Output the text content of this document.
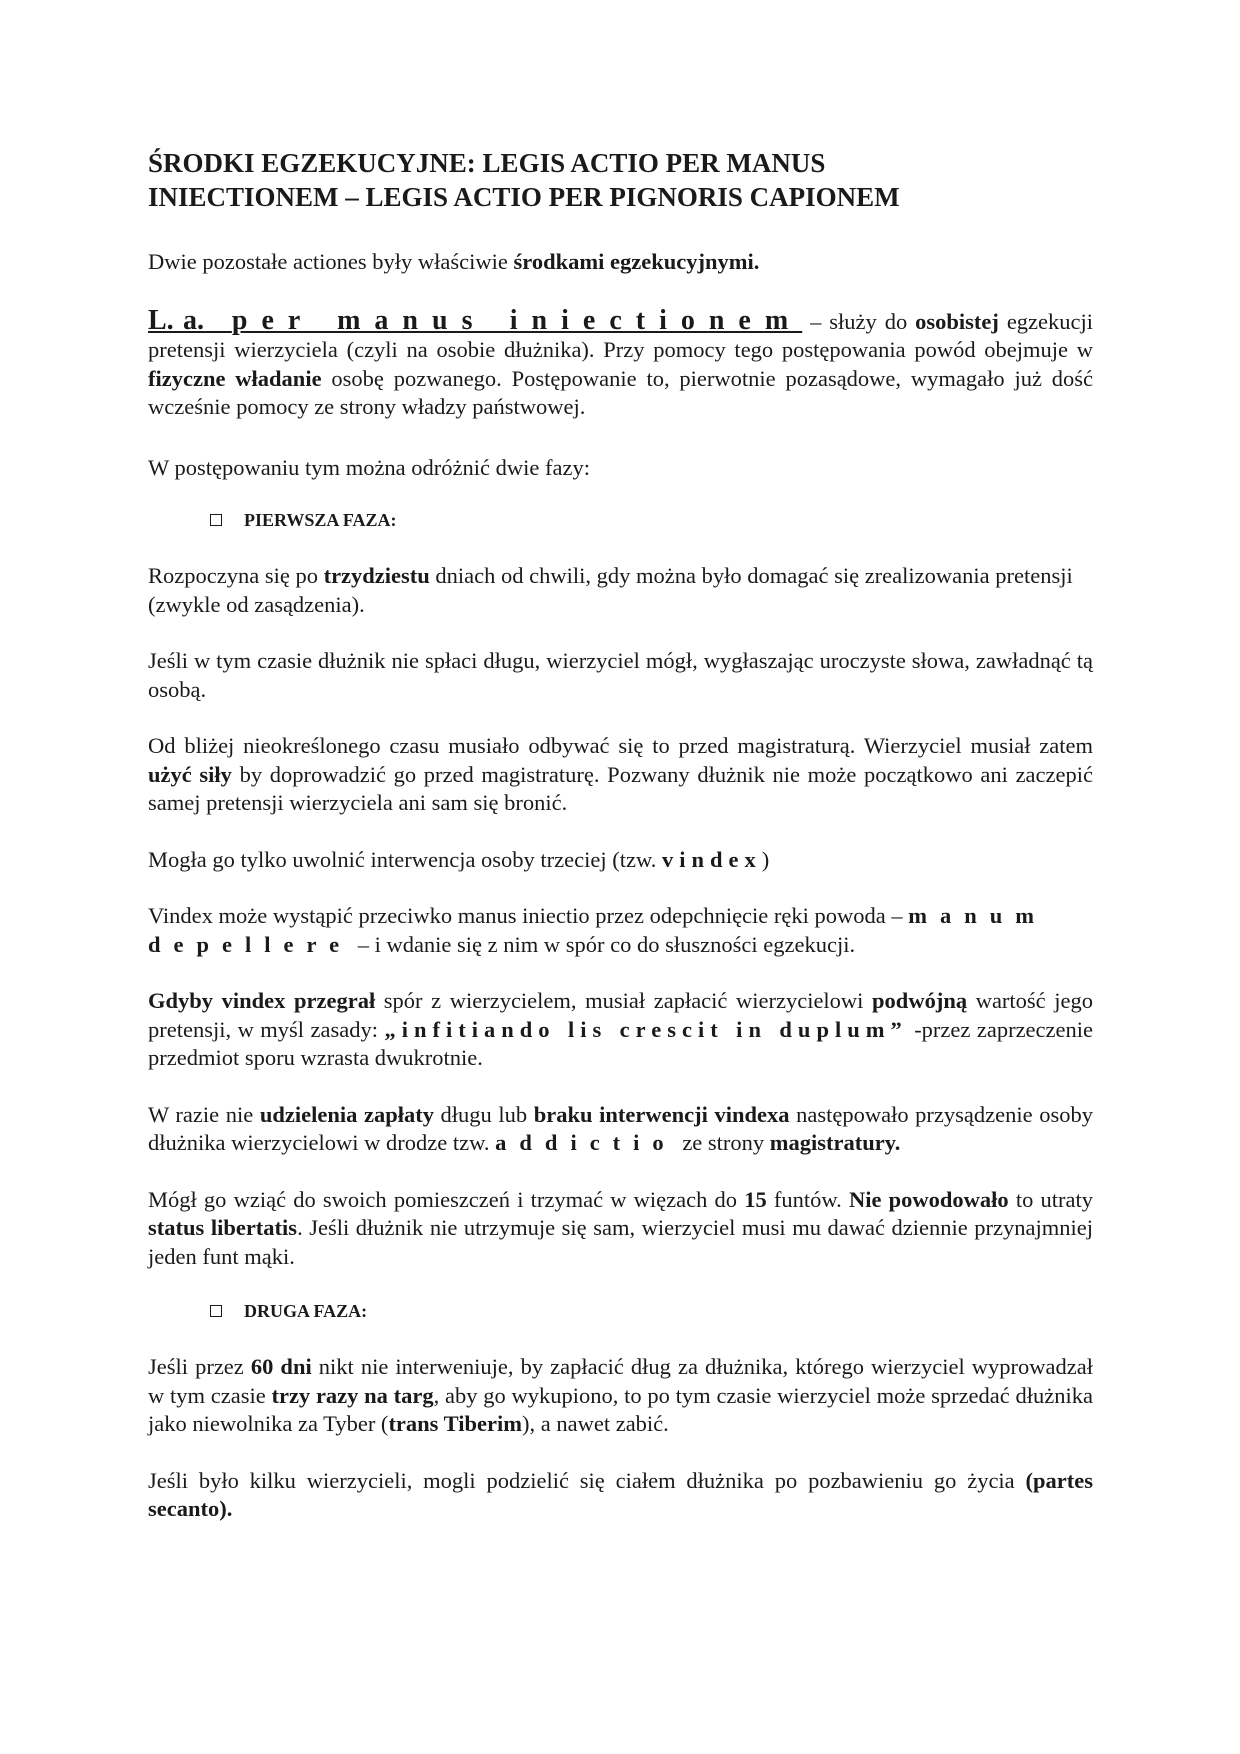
ŚRODKI EGZEKUCYJNE: LEGIS ACTIO PER MANUS
INIECTIONEM – LEGIS ACTIO PER PIGNORIS CAPIONEM

Dwie pozostałe actiones były właściwie środkami egzekucyjnymi.

L. a. per manus iniectionem – służy do osobistej egzekucji pretensji wierzyciela (czyli na osobie dłużnika). Przy pomocy tego postępowania powód obejmuje w fizyczne władanie osobę pozwanego. Postępowanie to, pierwotnie pozasądowe, wymagało już dość wcześnie pomocy ze strony władzy państwowej.

W postępowaniu tym można odróżnić dwie fazy:

PIERWSZA FAZA:

Rozpoczyna się po trzydziestu dniach od chwili, gdy można było domagać się zrealizowania pretensji (zwykle od zasądzenia).

Jeśli w tym czasie dłużnik nie spłaci długu, wierzyciel mógł, wygłaszając uroczyste słowa, zawładnąć tą osobą.

Od bliżej nieokreślonego czasu musiało odbywać się to przed magistraturą. Wierzyciel musiał zatem użyć siły by doprowadzić go przed magistraturę. Pozwany dłużnik nie może początkowo ani zaczepić samej pretensji wierzyciela ani sam się bronić.

Mogła go tylko uwolnić interwencja osoby trzeciej (tzw. vindex)

Vindex może wystąpić przeciwko manus iniectio przez odepchnięcie ręki powoda – manum depellere – i wdanie się z nim w spór co do słuszności egzekucji.

Gdyby vindex przegrał spór z wierzycielem, musiał zapłacić wierzycielowi podwójną wartość jego pretensji, w myśl zasady: „infitiando lis crescit in duplum” -przez zaprzeczenie przedmiot sporu wzrasta dwukrotnie.

W razie nie udzielenia zapłaty długu lub braku interwencji vindexa następowało przysądzenie osoby dłużnika wierzycielowi w drodze tzw. addictio ze strony magistratury.

Mógł go wziąć do swoich pomieszczeń i trzymać w więzach do 15 funtów. Nie powodowało to utraty status libertatis. Jeśli dłużnik nie utrzymuje się sam, wierzyciel musi mu dawać dziennie przynajmniej jeden funt mąki.

DRUGA FAZA:

Jeśli przez 60 dni nikt nie interweniuje, by zapłacić dług za dłużnika, którego wierzyciel wyprowadzał w tym czasie trzy razy na targ, aby go wykupiono, to po tym czasie wierzyciel może sprzedać dłużnika jako niewolnika za Tyber (trans Tiberim), a nawet zabić.

Jeśli było kilku wierzycieli, mogli podzielić się ciałem dłużnika po pozbawieniu go życia (partes secanto).
